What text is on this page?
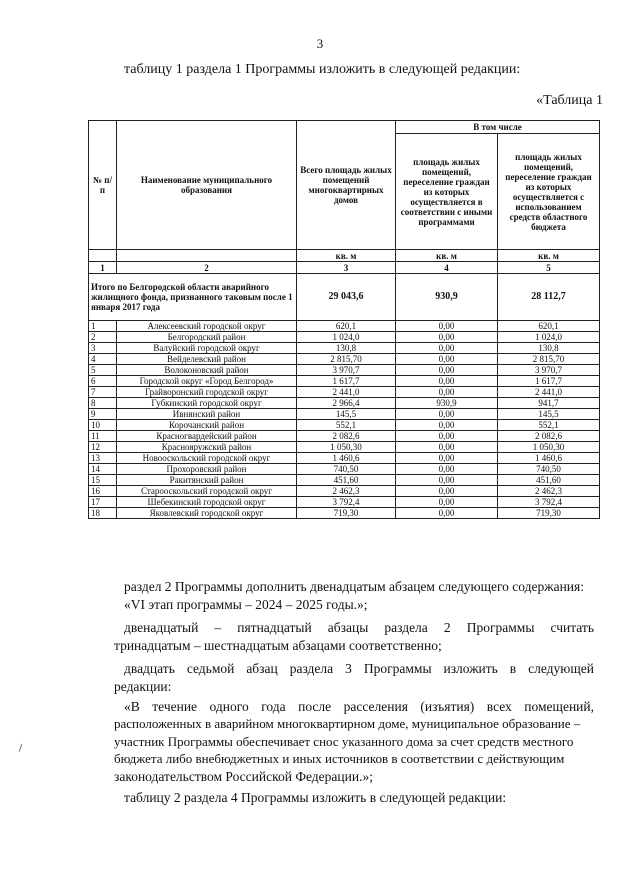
3
таблицу 1 раздела 1 Программы изложить в следующей редакции:
«Таблица 1
№ п/п	Наименование муниципального образования	Всего площадь жилых помещений многоквартирных домов	В том числе	
			площадь жилых помещений, переселение граждан из которых осуществляется в соответствии с иными программами	площадь жилых помещений, переселение граждан из которых осуществляется с использованием средств областного бюджета
		кв. м	кв. м	кв. м
1	2	3	4	5
Итого по Белгородской области аварийного жилищного фонда, признанного таковым после 1 января 2017 года		29 043,6	930,9	28 112,7
1	Алексеевский городской округ	620,1	0,00	620,1
2	Белгородский район	1 024,0	0,00	1 024,0
3	Валуйский городской округ	130,8	0,00	130,8
4	Вейделевский район	2 815,70	0,00	2 815,70
5	Волоконовский район	3 970,7	0,00	3 970,7
6	Городской округ «Город Белгород»	1 617,7	0,00	1 617,7
7	Грайворонский городской округ	2 441,0	0,00	2 441,0
8	Губкинский городской округ	2 966,4	930,9	941,7
9	Ивнянский район	145,5	0,00	145,5
10	Корочанский район	552,1	0,00	552,1
11	Красногвардейский район	2 082,6	0,00	2 082,6
12	Краснояружский район	1 050,30	0,00	1 050,30
13	Новооскольский городской округ	1 460,6	0,00	1 460,6
14	Прохоровский район	740,50	0,00	740,50
15	Ракитянский район	451,60	0,00	451,60
16	Старооскольский городской округ	2 462,3	0,00	2 462,3
17	Шебекинский городской округ	3 792,4	0,00	3 792,4
18	Яковлевский городской округ	719,30	0,00	719,30

раздел 2 Программы дополнить двенадцатым абзацем следующего содержания:

«VI этап программы – 2024 – 2025 годы.»;

двенадцатый – пятнадцатый абзацы раздела 2 Программы считать

тринадцатым – шестнадцатым абзацами соответственно;

двадцать седьмой абзац раздела 3 Программы изложить в следующей

редакции:

«В течение одного года после расселения (изъятия) всех помещений,

расположенных в аварийном многоквартирном доме, муниципальное образование –

участник Программы обеспечивает снос указанного дома за счет средств местного

бюджета либо внебюджетных и иных источников в соответствии с действующим

законодательством Российской Федерации.»;

таблицу 2 раздела 4 Программы изложить в следующей редакции:
